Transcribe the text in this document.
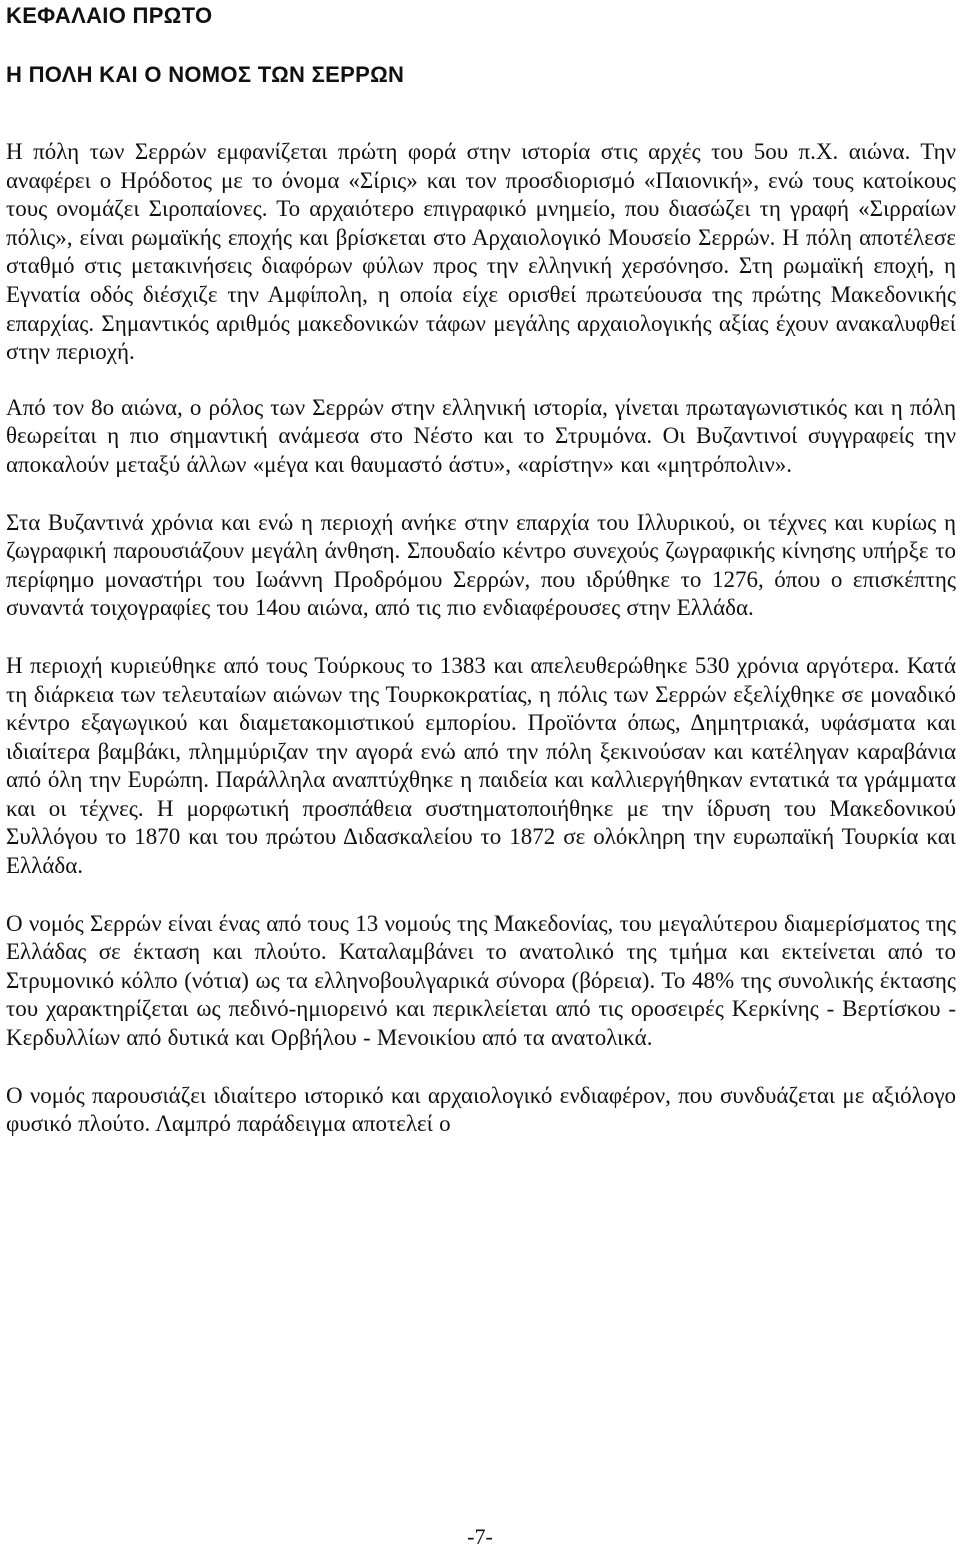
ΚΕΦΑΛΑΙΟ ΠΡΩΤΟ
Η ΠΟΛΗ ΚΑΙ Ο ΝΟΜΟΣ ΤΩΝ ΣΕΡΡΩΝ

Η πόλη των Σερρών εμφανίζεται πρώτη φορά στην ιστορία στις αρχές του 5ου π.Χ. αιώνα. Την αναφέρει ο Ηρόδοτος με το όνομα «Σίρις» και τον προσδιορισμό «Παιονική», ενώ τους κατοίκους τους ονομάζει Σιροπαίονες. Το αρχαιότερο επιγραφικό μνημείο, που διασώζει τη γραφή «Σιρραίων πόλις», είναι ρωμαϊκής εποχής και βρίσκεται στο Αρχαιολογικό Μουσείο Σερρών. Η πόλη αποτέλεσε σταθμό στις μετακινήσεις διαφόρων φύλων προς την ελληνική χερσόνησο. Στη ρωμαϊκή εποχή, η Εγνατία οδός διέσχιζε την Αμφίπολη, η οποία είχε ορισθεί πρωτεύουσα της πρώτης Μακεδονικής επαρχίας. Σημαντικός αριθμός μακεδονικών τάφων μεγάλης αρχαιολογικής αξίας έχουν ανακαλυφθεί στην περιοχή.

Από τον 8ο αιώνα, ο ρόλος των Σερρών στην ελληνική ιστορία, γίνεται πρωταγωνιστικός και η πόλη θεωρείται η πιο σημαντική ανάμεσα στο Νέστο και το Στρυμόνα. Οι Βυζαντινοί συγγραφείς την αποκαλούν μεταξύ άλλων «μέγα και θαυμαστό άστυ», «αρίστην» και «μητρόπολιν».

Στα Βυζαντινά χρόνια και ενώ η περιοχή ανήκε στην επαρχία του Ιλλυρικού, οι τέχνες και κυρίως η ζωγραφική παρουσιάζουν μεγάλη άνθηση. Σπουδαίο κέντρο συνεχούς ζωγραφικής κίνησης υπήρξε το περίφημο μοναστήρι του Ιωάννη Προδρόμου Σερρών, που ιδρύθηκε το 1276, όπου ο επισκέπτης συναντά τοιχογραφίες του 14ου αιώνα, από τις πιο ενδιαφέρουσες στην Ελλάδα.

Η περιοχή κυριεύθηκε από τους Τούρκους το 1383 και απελευθερώθηκε 530 χρόνια αργότερα. Κατά τη διάρκεια των τελευταίων αιώνων της Τουρκοκρατίας, η πόλις των Σερρών εξελίχθηκε σε μοναδικό κέντρο εξαγωγικού και διαμετακομιστικού εμπορίου. Προϊόντα όπως, Δημητριακά, υφάσματα και ιδιαίτερα βαμβάκι, πλημμύριζαν την αγορά ενώ από την πόλη ξεκινούσαν και κατέληγαν καραβάνια από όλη την Ευρώπη. Παράλληλα αναπτύχθηκε η παιδεία και καλλιεργήθηκαν εντατικά τα γράμματα και οι τέχνες. Η μορφωτική προσπάθεια συστηματοποιήθηκε με την ίδρυση του Μακεδονικού Συλλόγου το 1870 και του πρώτου Διδασκαλείου το 1872 σε ολόκληρη την ευρωπαϊκή Τουρκία και Ελλάδα.

Ο νομός Σερρών είναι ένας από τους 13 νομούς της Μακεδονίας, του μεγαλύτερου διαμερίσματος της Ελλάδας σε έκταση και πλούτο. Καταλαμβάνει το ανατολικό της τμήμα και εκτείνεται από το Στρυμονικό κόλπο (νότια) ως τα ελληνοβουλγαρικά σύνορα (βόρεια). Το 48% της συνολικής έκτασης του χαρακτηρίζεται ως πεδινό-ημιορεινό και περικλείεται από τις οροσειρές Κερκίνης - Βερτίσκου - Κερδυλλίων από δυτικά και Ορβήλου - Μενοικίου από τα ανατολικά.

Ο νομός παρουσιάζει ιδιαίτερο ιστορικό και αρχαιολογικό ενδιαφέρον, που συνδυάζεται με αξιόλογο φυσικό πλούτο. Λαμπρό παράδειγμα αποτελεί ο

-7-
